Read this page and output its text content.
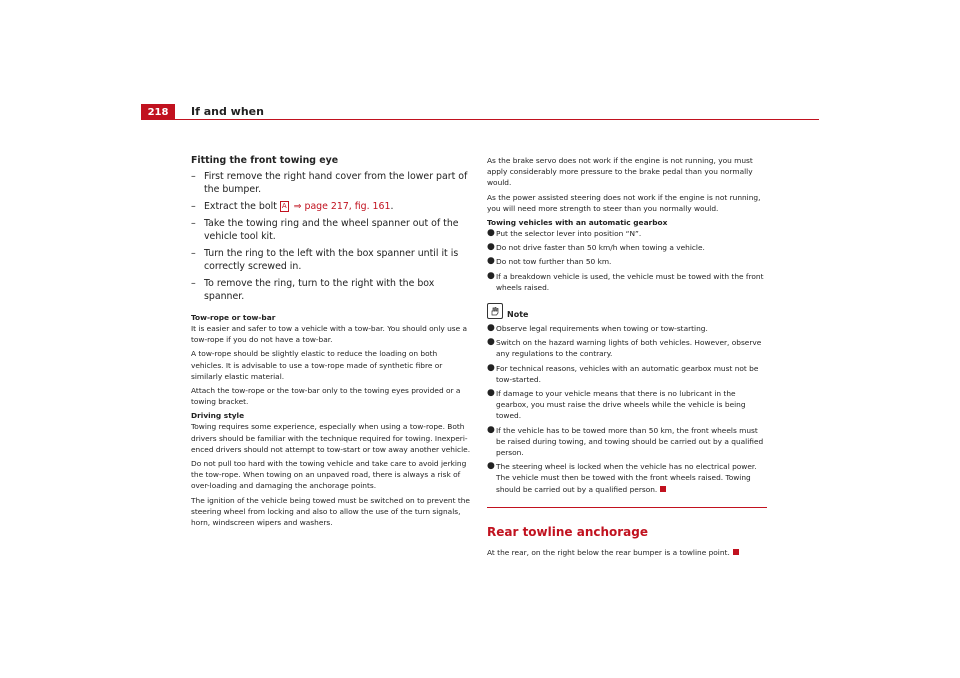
218	If and when

Fitting the front towing eye

– First remove the right hand cover from the lower part of the bumper.
– Extract the bolt A ⇒ page 217, fig. 161.
– Take the towing ring and the wheel spanner out of the vehicle tool kit.
– Turn the ring to the left with the box spanner until it is correctly screwed in.
– To remove the ring, turn to the right with the box spanner.

Tow-rope or tow-bar

It is easier and safer to tow a vehicle with a tow-bar. You should only use a tow-rope if you do not have a tow-bar.

A tow-rope should be slightly elastic to reduce the loading on both vehicles. It is advisable to use a tow-rope made of synthetic fibre or similarly elastic material.

Attach the tow-rope or the tow-bar only to the towing eyes provided or a towing bracket.

Driving style

Towing requires some experience, especially when using a tow-rope. Both drivers should be familiar with the technique required for towing. Inexperi-enced drivers should not attempt to tow-start or tow away another vehicle.

Do not pull too hard with the towing vehicle and take care to avoid jerking the tow-rope. When towing on an unpaved road, there is always a risk of over-loading and damaging the anchorage points.

The ignition of the vehicle being towed must be switched on to prevent the steering wheel from locking and also to allow the use of the turn signals, horn, windscreen wipers and washers.

As the brake servo does not work if the engine is not running, you must apply considerably more pressure to the brake pedal than you normally would.

As the power assisted steering does not work if the engine is not running, you will need more strength to steer than you normally would.

Towing vehicles with an automatic gearbox

● Put the selector lever into position “N”.
● Do not drive faster than 50 km/h when towing a vehicle.
● Do not tow further than 50 km.
● If a breakdown vehicle is used, the vehicle must be towed with the front wheels raised.
Note
● Observe legal requirements when towing or tow-starting.
● Switch on the hazard warning lights of both vehicles. However, observe any regulations to the contrary.
● For technical reasons, vehicles with an automatic gearbox must not be tow-started.
● If damage to your vehicle means that there is no lubricant in the gearbox, you must raise the drive wheels while the vehicle is being towed.
● If the vehicle has to be towed more than 50 km, the front wheels must be raised during towing, and towing should be carried out by a qualified person.
● The steering wheel is locked when the vehicle has no electrical power. The vehicle must then be towed with the front wheels raised. Towing should be carried out by a qualified person.
Rear towline anchorage

At the rear, on the right below the rear bumper is a towline point.
